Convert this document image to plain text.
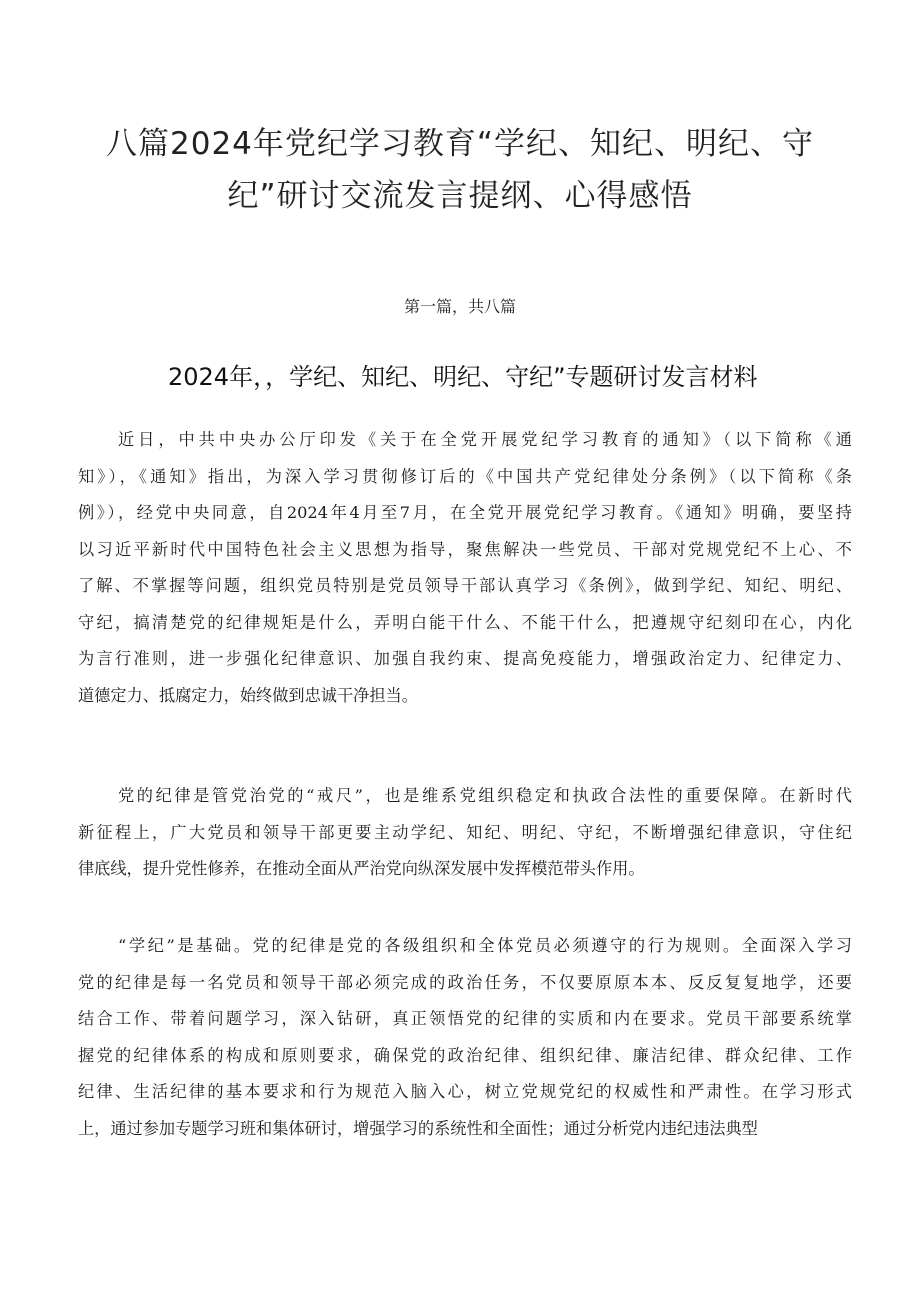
八篇2024年党纪学习教育“学纪、知纪、明纪、守
纪”研讨交流发言提纲、心得感悟
第一篇，共八篇
2024年，，学纪、知纪、明纪、守纪”专题研讨发言材料
近日，中共中央办公厅印发《关于在全党开展党纪学习教育的通知》（以下简称《通
知》），《通知》指出，为深入学习贯彻修订后的《中国共产党纪律处分条例》（以下简称《条
例》），经党中央同意，自2024年4月至7月，在全党开展党纪学习教育。《通知》明确，要坚持
以习近平新时代中国特色社会主义思想为指导，聚焦解决一些党员、干部对党规党纪不上心、不
了解、不掌握等问题，组织党员特别是党员领导干部认真学习《条例》，做到学纪、知纪、明纪、
守纪，搞清楚党的纪律规矩是什么，弄明白能干什么、不能干什么，把遵规守纪刻印在心，内化
为言行准则，进一步强化纪律意识、加强自我约束、提高免疫能力，增强政治定力、纪律定力、
道德定力、抵腐定力，始终做到忠诚干净担当。
党的纪律是管党治党的“戒尺”，也是维系党组织稳定和执政合法性的重要保障。在新时代
新征程上，广大党员和领导干部更要主动学纪、知纪、明纪、守纪，不断增强纪律意识，守住纪
律底线，提升党性修养，在推动全面从严治党向纵深发展中发挥模范带头作用。
“学纪”是基础。党的纪律是党的各级组织和全体党员必须遵守的行为规则。全面深入学习
党的纪律是每一名党员和领导干部必须完成的政治任务，不仅要原原本本、反反复复地学，还要
结合工作、带着问题学习，深入钻研，真正领悟党的纪律的实质和内在要求。党员干部要系统掌
握党的纪律体系的构成和原则要求，确保党的政治纪律、组织纪律、廉洁纪律、群众纪律、工作
纪律、生活纪律的基本要求和行为规范入脑入心，树立党规党纪的权威性和严肃性。在学习形式
上，通过参加专题学习班和集体研讨，增强学习的系统性和全面性；通过分析党内违纪违法典型
